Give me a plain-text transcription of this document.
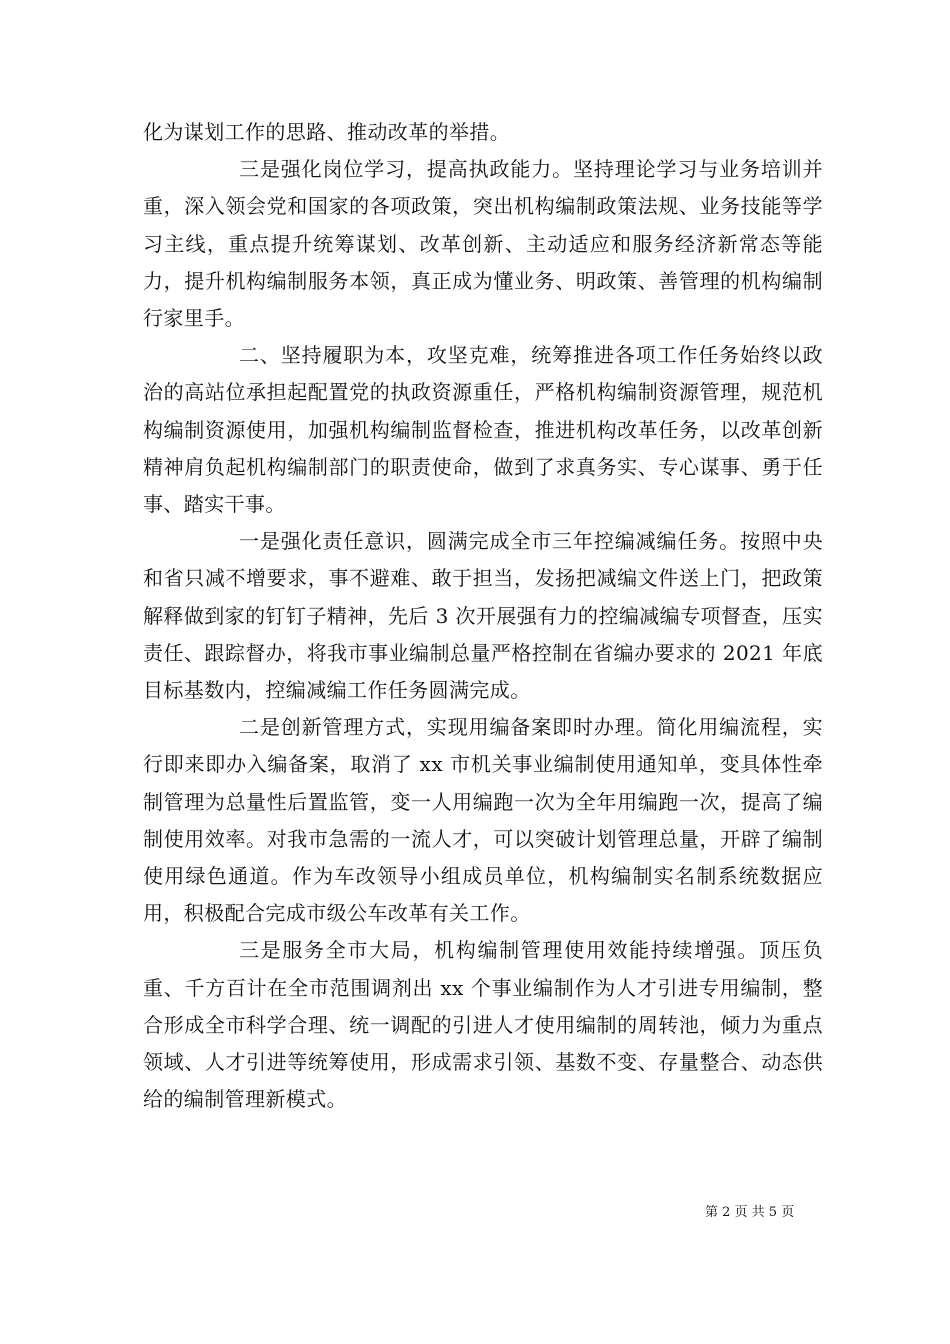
化为谋划工作的思路、推动改革的举措。

三是强化岗位学习，提高执政能力。坚持理论学习与业务培训并重，深入领会党和国家的各项政策，突出机构编制政策法规、业务技能等学习主线，重点提升统筹谋划、改革创新、主动适应和服务经济新常态等能力，提升机构编制服务本领，真正成为懂业务、明政策、善管理的机构编制行家里手。

二、坚持履职为本，攻坚克难，统筹推进各项工作任务始终以政治的高站位承担起配置党的执政资源重任，严格机构编制资源管理，规范机构编制资源使用，加强机构编制监督检查，推进机构改革任务，以改革创新精神肩负起机构编制部门的职责使命，做到了求真务实、专心谋事、勇于任事、踏实干事。

一是强化责任意识，圆满完成全市三年控编减编任务。按照中央和省只减不增要求，事不避难、敢于担当，发扬把减编文件送上门，把政策解释做到家的钉钉子精神，先后 3 次开展强有力的控编减编专项督查，压实责任、跟踪督办，将我市事业编制总量严格控制在省编办要求的 2021 年底目标基数内，控编减编工作任务圆满完成。

二是创新管理方式，实现用编备案即时办理。简化用编流程，实行即来即办入编备案，取消了 xx 市机关事业编制使用通知单，变具体性牵制管理为总量性后置监管，变一人用编跑一次为全年用编跑一次，提高了编制使用效率。对我市急需的一流人才，可以突破计划管理总量，开辟了编制使用绿色通道。作为车改领导小组成员单位，机构编制实名制系统数据应用，积极配合完成市级公车改革有关工作。

三是服务全市大局，机构编制管理使用效能持续增强。顶压负重、千方百计在全市范围调剂出 xx 个事业编制作为人才引进专用编制，整合形成全市科学合理、统一调配的引进人才使用编制的周转池，倾力为重点领域、人才引进等统筹使用，形成需求引领、基数不变、存量整合、动态供给的编制管理新模式。

第 2 页 共 5 页
